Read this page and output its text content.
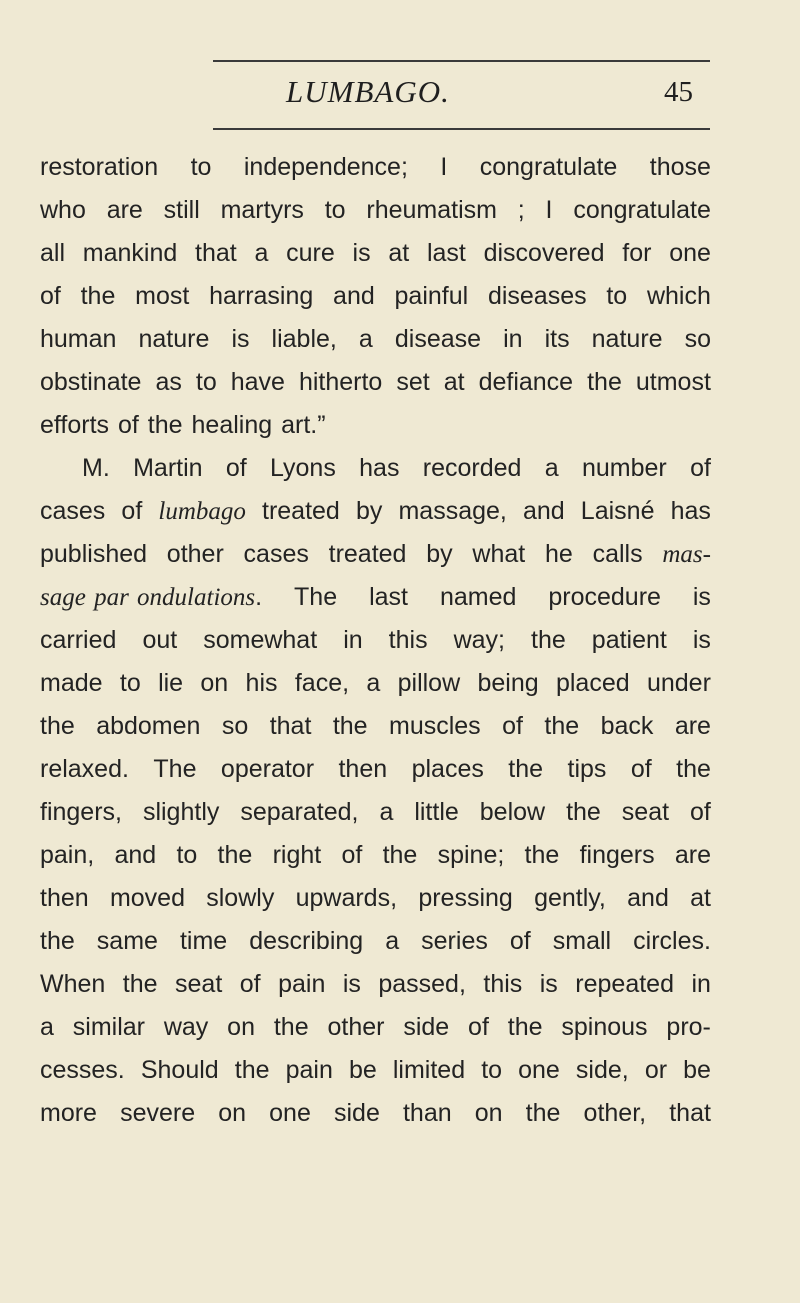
LUMBAGO.	45
restoration to independence; I congratulate those
who are still martyrs to rheumatism ; I congratulate
all mankind that a cure is at last discovered for one
of the most harrasing and painful diseases to which
human nature is liable, a disease in its nature so
obstinate as to have hitherto set at defiance the utmost
efforts
of
the
healing
art.”
M. Martin of Lyons has recorded a number of
cases of lumbago treated by massage, and Laisné has
published other cases treated by what he calls mas-
sage par ondulations. The last named procedure is
carried out somewhat in this way; the patient is
made to lie on his face, a pillow being placed under
the abdomen so that the muscles of the back are
relaxed. The operator then places the tips of the
fingers, slightly separated, a little below the seat of
pain, and to the right of the spine; the fingers are
then moved slowly upwards, pressing gently, and at
the same time describing a series of small circles.
When the seat of pain is passed, this is repeated in
a similar way on the other side of the spinous pro-
cesses. Should the pain be limited to one side, or be
more severe on one side than on the other, that
